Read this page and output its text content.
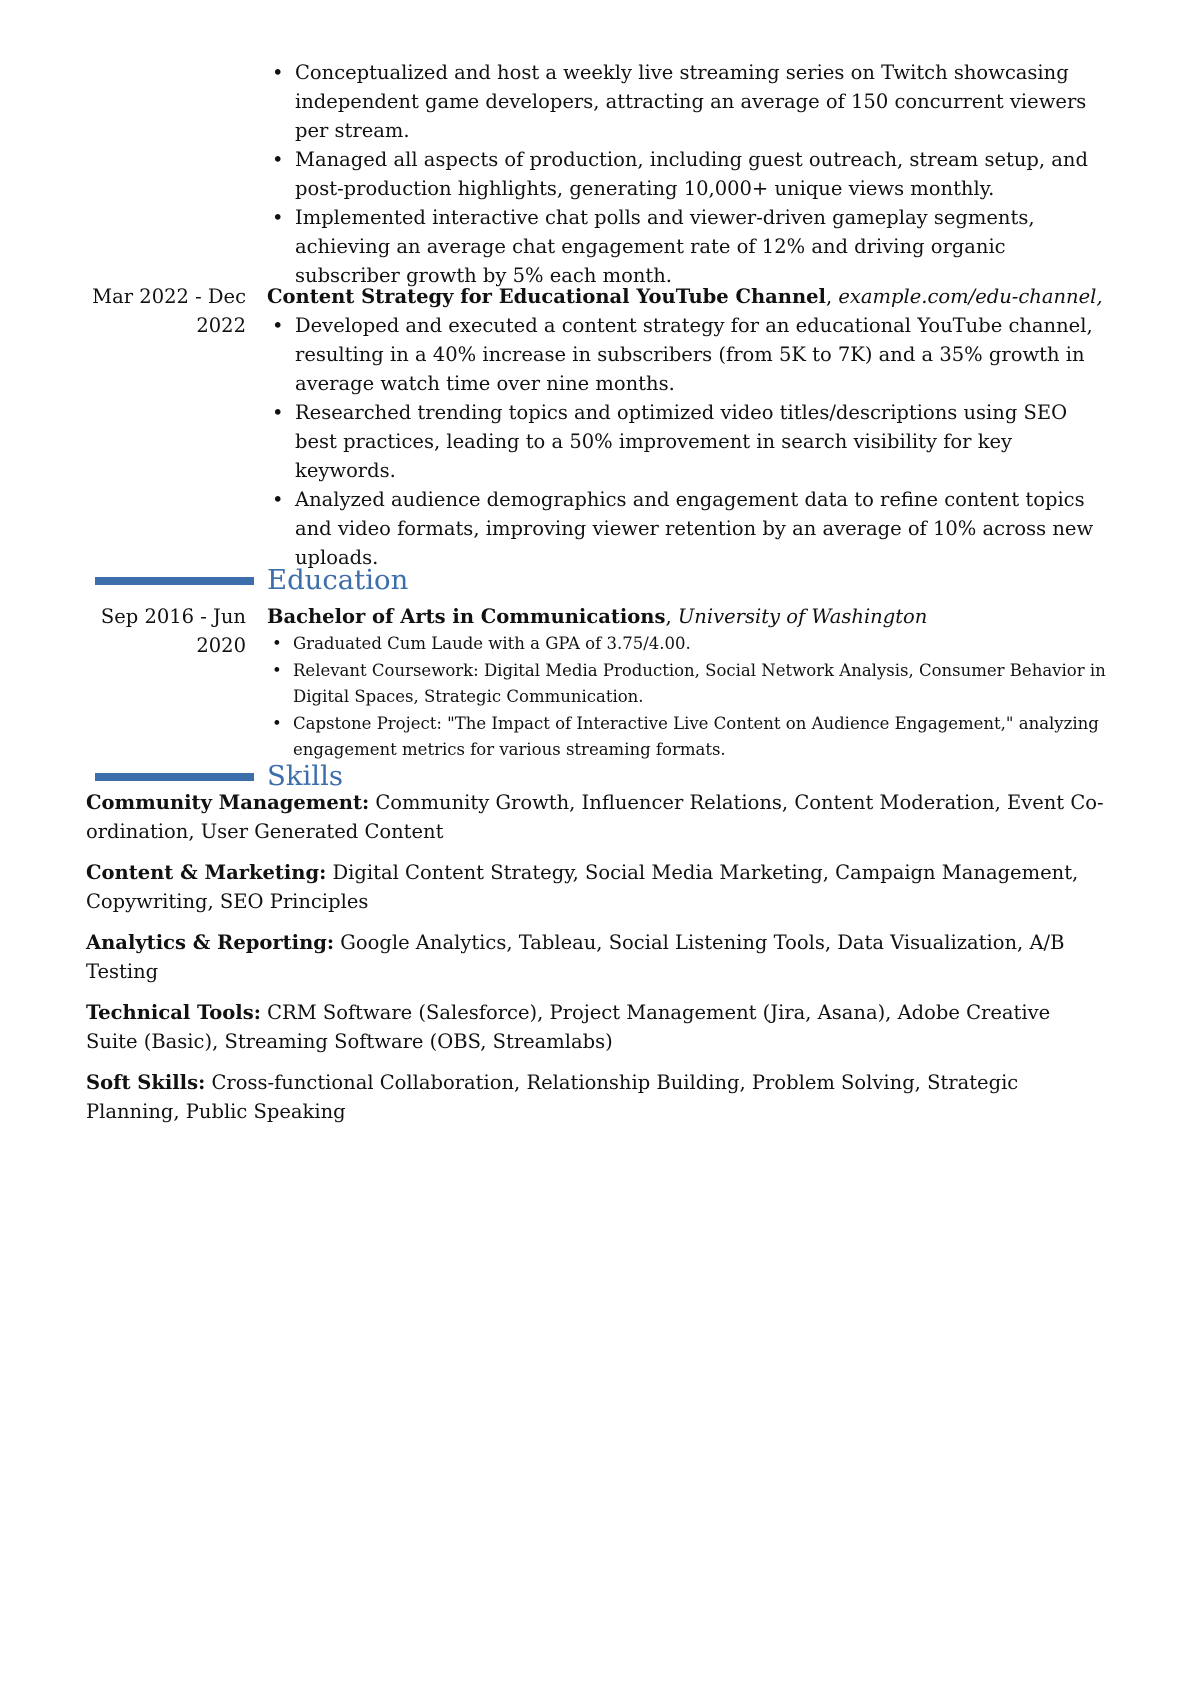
• Conceptualized and host a weekly live streaming series on Twitch showcasing independent game developers, attracting an average of 150 concurrent viewers per stream.
• Managed all aspects of production, including guest outreach, stream setup, and post-production highlights, generating 10,000+ unique views monthly.
• Implemented interactive chat polls and viewer-driven gameplay segments, achieving an average chat engagement rate of 12% and driving organic subscriber growth by 5% each month.
Mar 2022 - Dec 2022
Content Strategy for Educational YouTube Channel, example.com/edu-channel,
• Developed and executed a content strategy for an educational YouTube channel, resulting in a 40% increase in subscribers (from 5K to 7K) and a 35% growth in average watch time over nine months.
• Researched trending topics and optimized video titles/descriptions using SEO best practices, leading to a 50% improvement in search visibility for key keywords.
• Analyzed audience demographics and engagement data to refine content topics and video formats, improving viewer retention by an average of 10% across new uploads.
Education
Sep 2016 - Jun 2020
Bachelor of Arts in Communications, University of Washington
• Graduated Cum Laude with a GPA of 3.75/4.00.
• Relevant Coursework: Digital Media Production, Social Network Analysis, Consumer Behavior in Digital Spaces, Strategic Communication.
• Capstone Project: "The Impact of Interactive Live Content on Audience Engagement," analyzing engagement metrics for various streaming formats.
Skills

Community Management: Community Growth, Influencer Relations, Content Moderation, Event Coordination, User Generated Content

Content & Marketing: Digital Content Strategy, Social Media Marketing, Campaign Management, Copywriting, SEO Principles

Analytics & Reporting: Google Analytics, Tableau, Social Listening Tools, Data Visualization, A/B Testing

Technical Tools: CRM Software (Salesforce), Project Management (Jira, Asana), Adobe Creative Suite (Basic), Streaming Software (OBS, Streamlabs)

Soft Skills: Cross-functional Collaboration, Relationship Building, Problem Solving, Strategic Planning, Public Speaking
